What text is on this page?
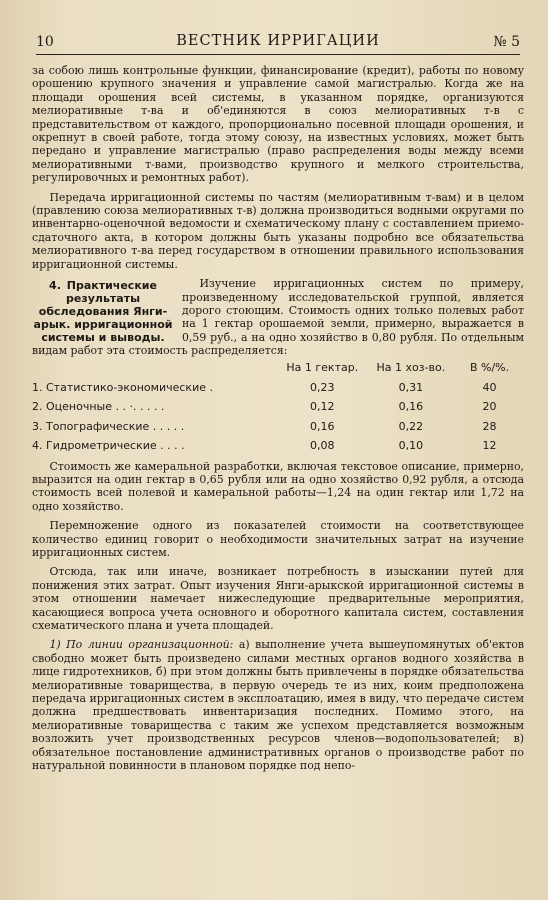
10	ВЕСТНИК ИРРИГАЦИИ	№ 5

за собою лишь контрольные функции, финансирование (кредит), работы по новому орошению крупного значения и управление самой магистралью. Когда же на площади орошения всей системы, в указанном порядке, организуются мелиоративные т-ва и об'единяются в союз мелиоративных т-в с представительством от каждого, пропорционально посевной площади орошения, и окрепнут в своей работе, тогда этому союзу, на известных условиях, может быть передано и управление магистралью (право распределения воды между всеми мелиоративными т-вами, производство крупного и мелкого строительства, регулировочных и ремонтных работ).

Передача ирригационной системы по частям (мелиоративным т-вам) и в целом (правлению союза мелиоративных т-в) должна производиться водными округами по инвентарно-оценочной ведомости и схематическому плану с составлением приемо-сдаточного акта, в котором должны быть указаны подробно все обязательства мелиоративного т-ва перед государством в отношении правильного использования ирригационной системы.

4. Практические результаты обследования Янги-арык. ирригационной системы и выводы.

Изучение ирригационных систем по примеру, произведенному исследовательской группой, является дорого стоющим. Стоимость одних только полевых работ на 1 гектар орошаемой земли, примерно, выражается в 0,59 руб., а на одно хозяйство в 0,80 рубля. По отдельным видам работ эта стоимость распределяется:

	На 1 гектар.	На 1 хоз-во.	В %/%.
1. Статистико-экономические .	0,23	0,31	40
2. Оценочные . . ·. . . . .	0,12	0,16	20
3. Топографические . . . . .	0,16	0,22	28
4. Гидрометрические . . . .	0,08	0,10	12

Стоимость же камеральной разработки, включая текстовое описание, примерно, выразится на один гектар в 0,65 рубля или на одно хозяйство 0,92 рубля, а отсюда стоимость всей полевой и камеральной работы—1,24 на один гектар или 1,72 на одно хозяйство.

Перемножение одного из показателей стоимости на соответствующее количество единиц говорит о необходимости значительных затрат на изучение ирригационных систем.

Отсюда, так или иначе, возникает потребность в изыскании путей для понижения этих затрат. Опыт изучения Янги-арыкской ирригационной системы в этом отношении намечает нижеследующие предварительные мероприятия, касающиеся вопроса учета основного и оборотного капитала систем, составления схематического плана и учета площадей.

1) По линии организационной: а) выполнение учета вышеупомянутых об'ектов свободно может быть произведено силами местных органов водного хозяйства в лице гидротехников, б) при этом должны быть привлечены в порядке обязательства мелиоративные товарищества, в первую очередь те из них, коим предположена передача ирригационных систем в эксплоатацию, имея в виду, что передаче систем должна предшествовать инвентаризация последних. Помимо этого, на мелиоративные товарищества с таким же успехом представляется возможным возложить учет производственных ресурсов членов—водопользователей; в) обязательное постановление административных органов о производстве работ по натуральной повинности в плановом порядке под непо-
